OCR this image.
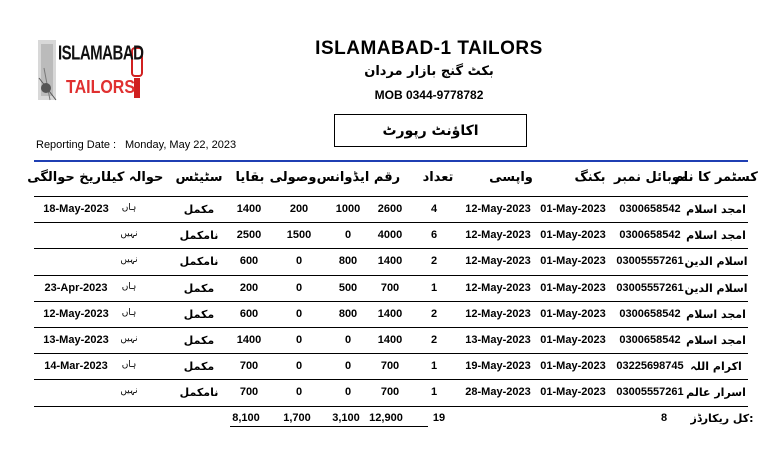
ISLAMABAD
TAILORS
ISLAMABAD-1 TAILORS
بکٹ گنج بازار مردان
MOB 0344-9778782
اکاؤنٹ رپورٹ
Reporting Date : Monday, May 22, 2023
کسٹمر کا نام
موبائل نمبر
بکنگ
واپسی
تعداد
رقم
ایڈوانس
وصولی
بقایا
سٹیٹس
حوالہ کیا
تاریخ حوالگی
امجد اسلام
0300658542
01-May-2023
12-May-2023
4
2600
1000
200
1400
مکمل
ہاں
18-May-2023
امجد اسلام
0300658542
01-May-2023
12-May-2023
6
4000
0
1500
2500
نامکمل
نہیں
اسلام الدین
03005557261
01-May-2023
12-May-2023
2
1400
800
0
600
نامکمل
نہیں
اسلام الدین
03005557261
01-May-2023
12-May-2023
1
700
500
0
200
مکمل
ہاں
23-Apr-2023
امجد اسلام
0300658542
01-May-2023
12-May-2023
2
1400
800
0
600
مکمل
ہاں
12-May-2023
امجد اسلام
0300658542
01-May-2023
13-May-2023
2
1400
0
0
1400
مکمل
نہیں
13-May-2023
اکرام اللہ
03225698745
01-May-2023
19-May-2023
1
700
0
0
700
مکمل
ہاں
14-Mar-2023
اسرار عالم
03005557261
01-May-2023
28-May-2023
1
700
0
0
700
نامکمل
نہیں
کل ریکارڈز:
8
19
12,900
3,100
1,700
8,100
